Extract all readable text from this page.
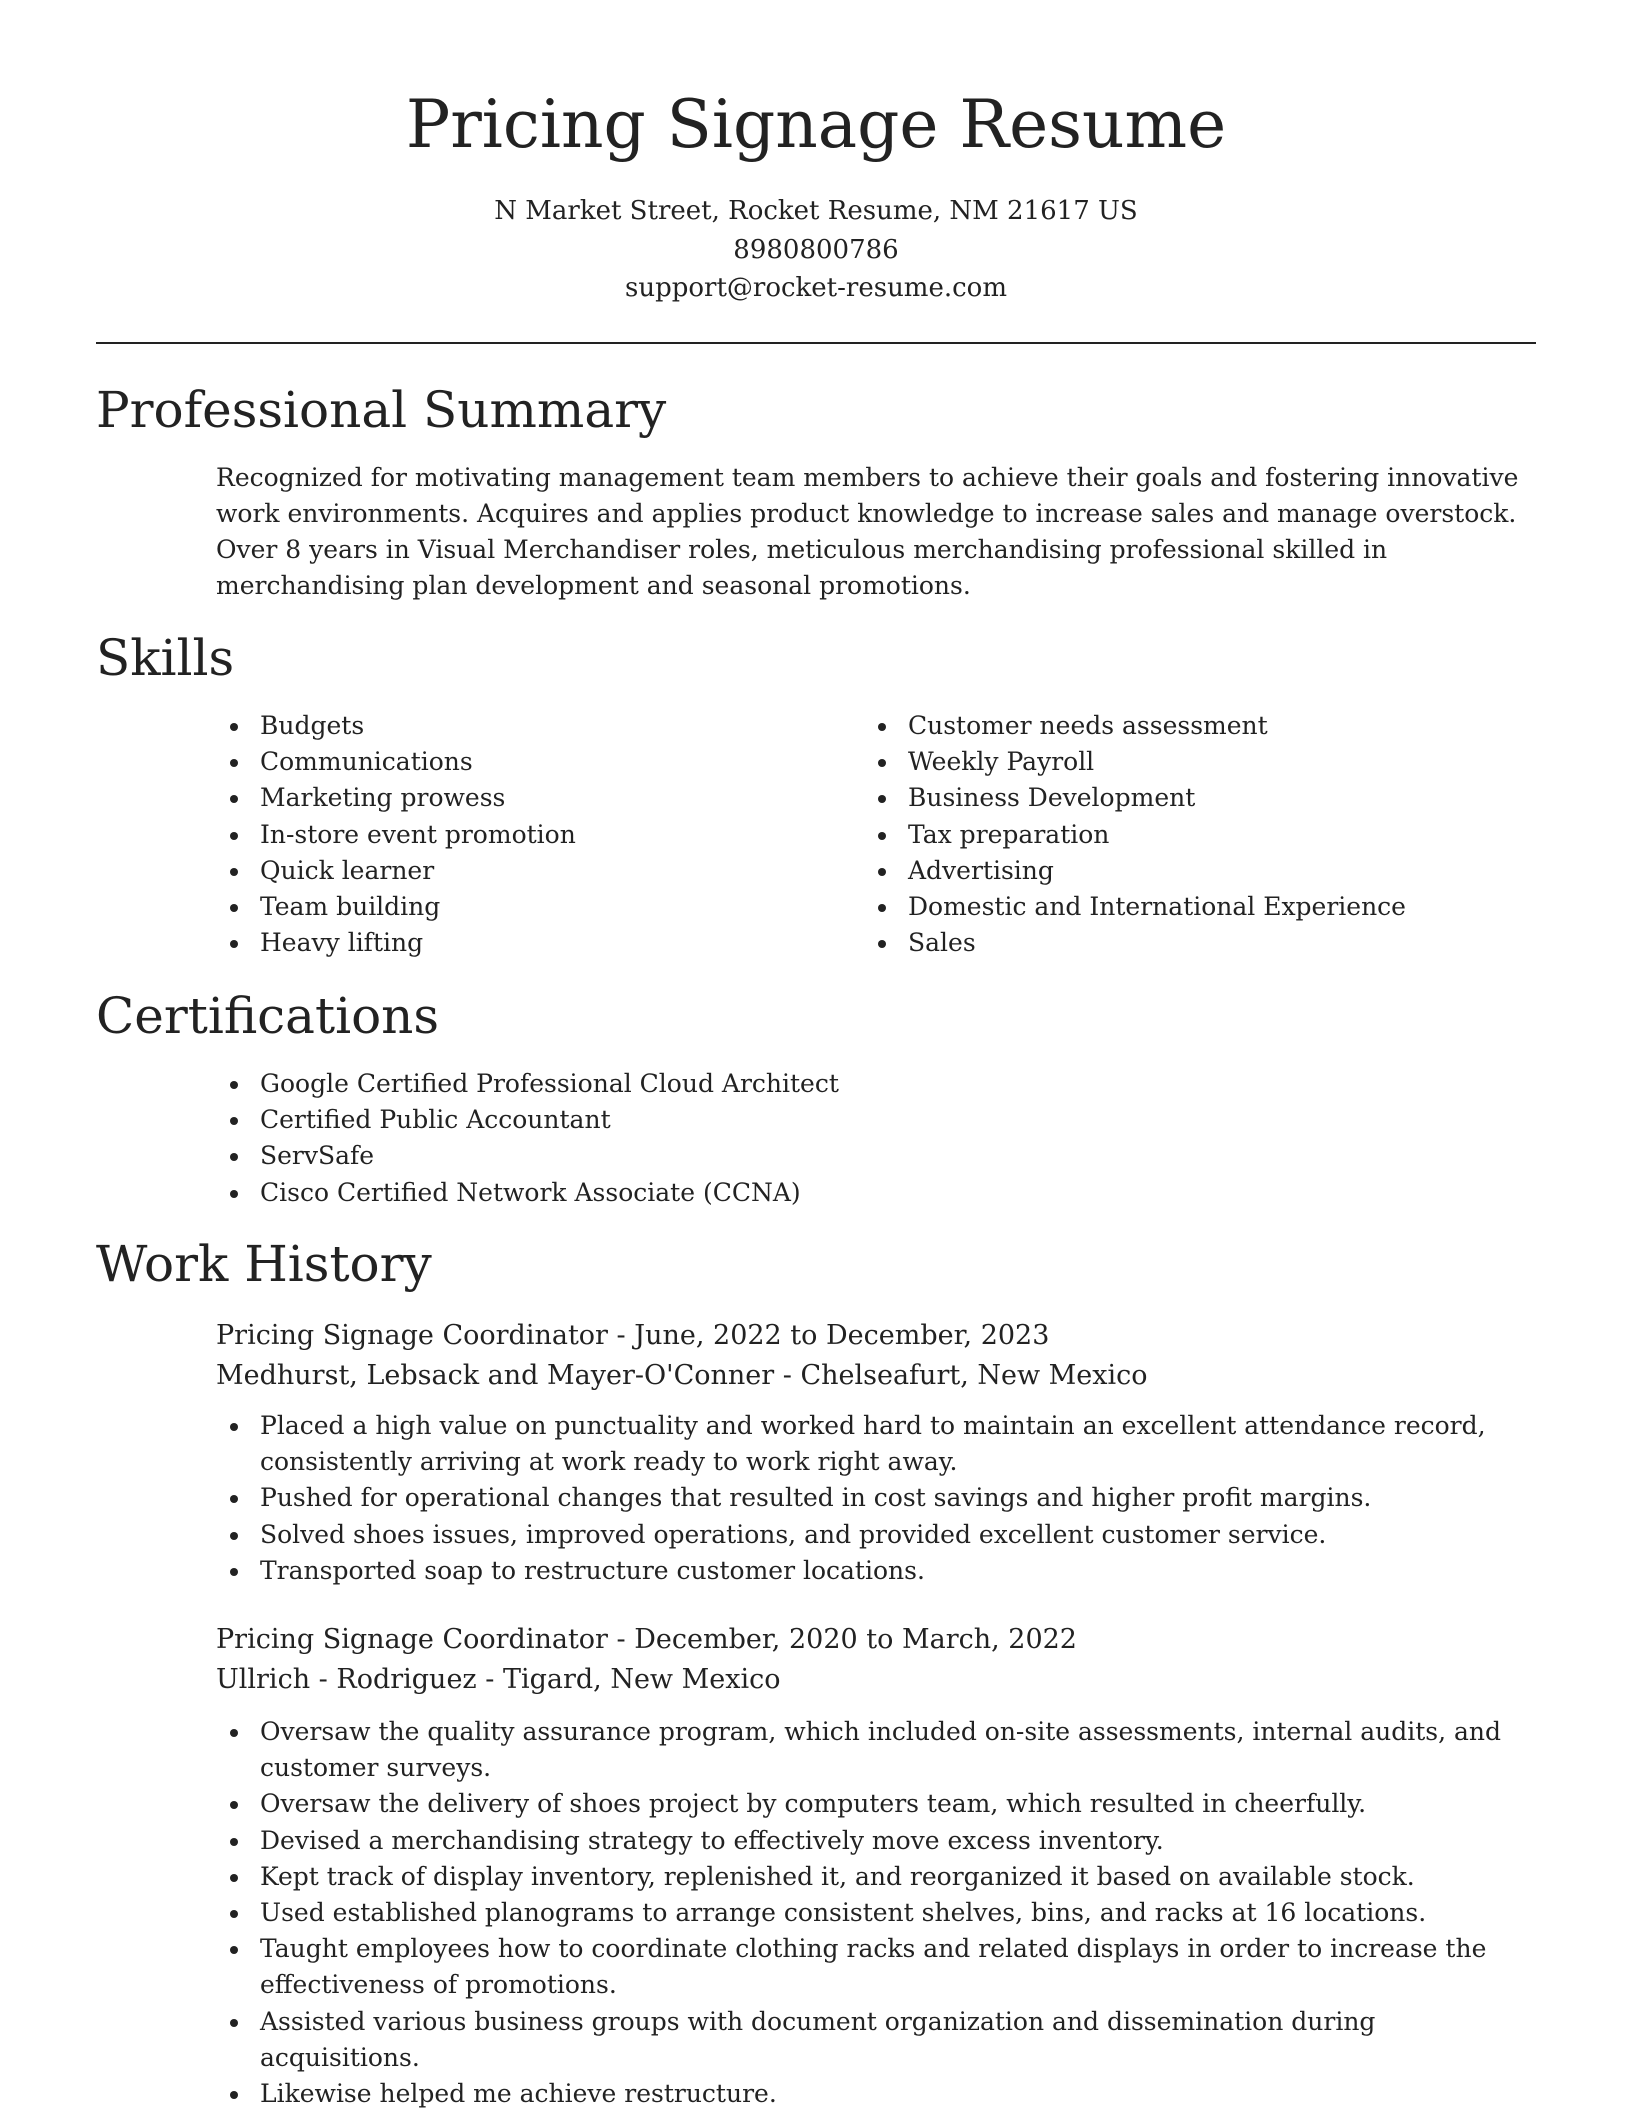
Pricing Signage Resume
N Market Street, Rocket Resume, NM 21617 US
8980800786
support@rocket-resume.com
Professional Summary

Recognized for motivating management team members to achieve their goals and fostering innovative work environments. Acquires and applies product knowledge to increase sales and manage overstock. Over 8 years in Visual Merchandiser roles, meticulous merchandising professional skilled in merchandising plan development and seasonal promotions.

Skills
Budgets
Communications
Marketing prowess
In-store event promotion
Quick learner
Team building
Heavy lifting
Customer needs assessment
Weekly Payroll
Business Development
Tax preparation
Advertising
Domestic and International Experience
Sales
Certifications
Google Certified Professional Cloud Architect
Certified Public Accountant
ServSafe
Cisco Certified Network Associate (CCNA)
Work History
Pricing Signage Coordinator - June, 2022 to December, 2023
Medhurst, Lebsack and Mayer-O'Conner - Chelseafurt, New Mexico
Placed a high value on punctuality and worked hard to maintain an excellent attendance record, consistently arriving at work ready to work right away.
Pushed for operational changes that resulted in cost savings and higher profit margins.
Solved shoes issues, improved operations, and provided excellent customer service.
Transported soap to restructure customer locations.
Pricing Signage Coordinator - December, 2020 to March, 2022
Ullrich - Rodriguez - Tigard, New Mexico
Oversaw the quality assurance program, which included on-site assessments, internal audits, and customer surveys.
Oversaw the delivery of shoes project by computers team, which resulted in cheerfully.
Devised a merchandising strategy to effectively move excess inventory.
Kept track of display inventory, replenished it, and reorganized it based on available stock.
Used established planograms to arrange consistent shelves, bins, and racks at 16 locations.
Taught employees how to coordinate clothing racks and related displays in order to increase the effectiveness of promotions.
Assisted various business groups with document organization and dissemination during acquisitions.
Likewise helped me achieve restructure.
